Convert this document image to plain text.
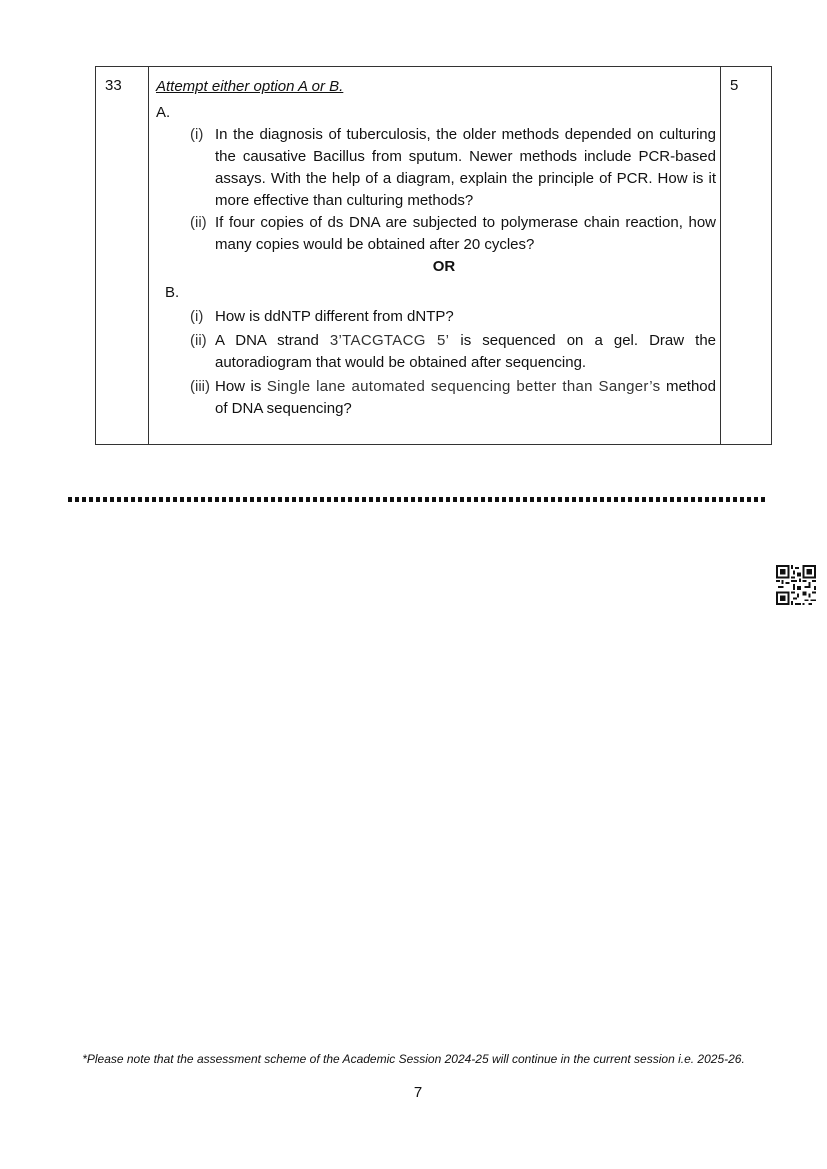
33 Attempt either option A or B.

A.

(i) In the diagnosis of tuberculosis, the older methods depended on culturing the causative Bacillus from sputum. Newer methods include PCR-based assays. With the help of a diagram, explain the principle of PCR. How is it more effective than culturing methods?
(ii) If four copies of ds DNA are subjected to polymerase chain reaction, how many copies would be obtained after 20 cycles?

OR

B.

(i) How is ddNTP different from dNTP?
(ii) A DNA strand 3’TACGTACG 5’ is sequenced on a gel. Draw the autoradiogram that would be obtained after sequencing.
(iii) How is Single lane automated sequencing better than Sanger’s method of DNA sequencing?
5
*Please note that the assessment scheme of the Academic Session 2024-25 will continue in the current session i.e. 2025-26.
7
